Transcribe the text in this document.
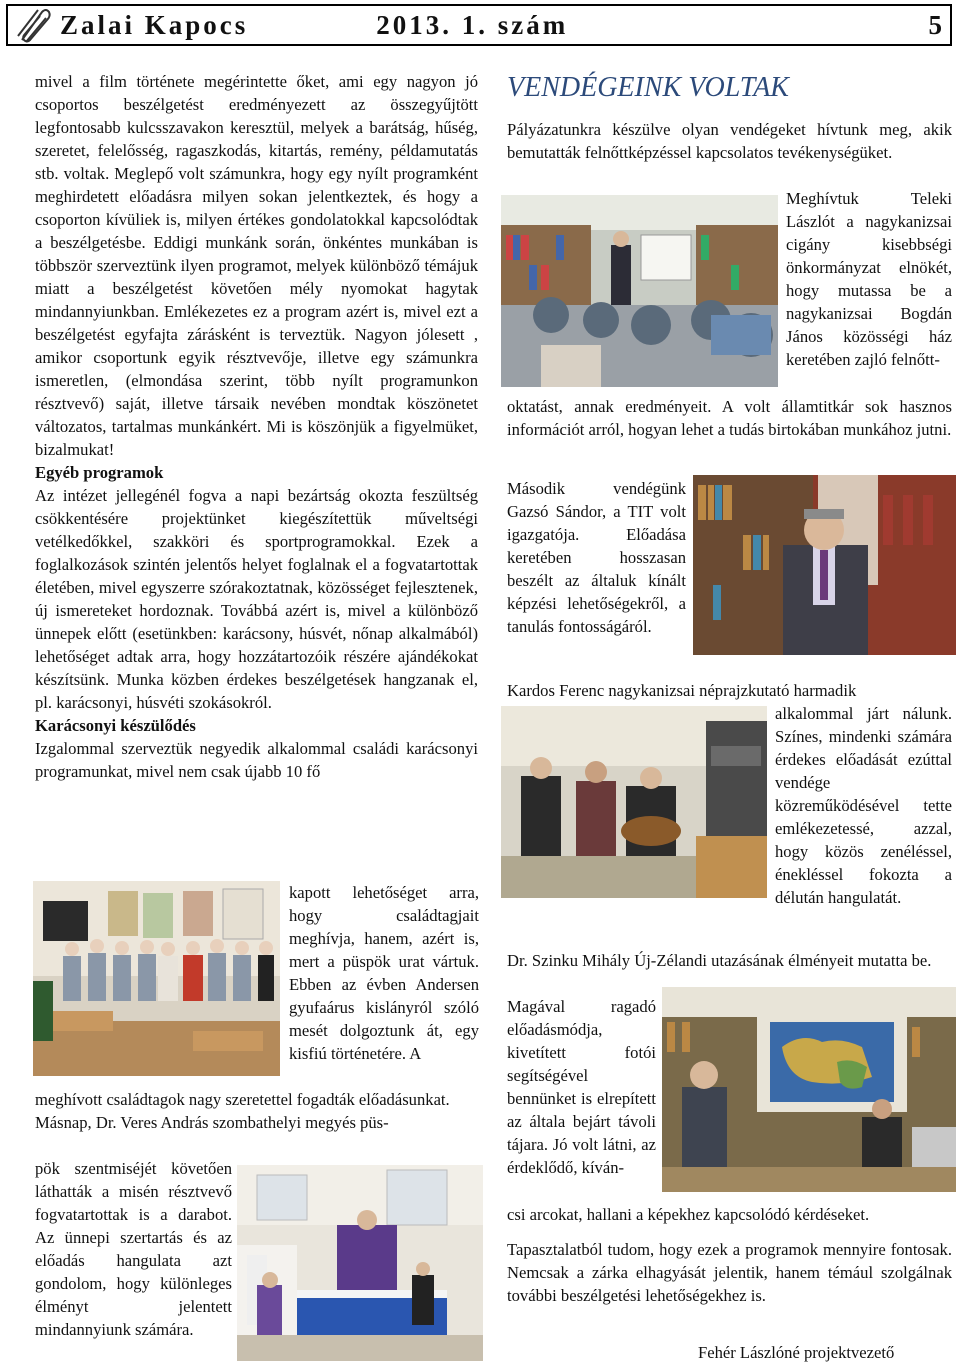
Zalai Kapocs	2013. 1. szám	5

mivel a film története megérintette őket, ami egy nagyon jó csoportos beszélgetést eredményezett az összegyűjtött legfontosabb kulcsszavakon keresztül, melyek a barátság, hűség, szeretet, felelősség, ragaszkodás, kitartás, remény, példamutatás stb. voltak. Meglepő volt számunkra, hogy egy nyílt programként meghirdetett előadásra milyen sokan jelentkeztek, és hogy a csoporton kívüliek is, milyen értékes gondolatokkal kapcsolódtak a beszélgetésbe. Eddigi munkánk során, önkéntes munkában is többször szerveztünk ilyen programot, melyek különböző témájuk miatt a beszélgetést követően mély nyomokat hagytak mindannyiunkban. Emlékezetes ez a program azért is, mivel ezt a beszélgetést egyfajta zárásként is terveztük. Nagyon jólesett , amikor csoportunk egyik résztvevője, illetve egy számunkra ismeretlen, (elmondása szerint, több nyílt programunkon résztvevő) saját, illetve társaik nevében mondtak köszönetet változatos, tartalmas munkánkért. Mi is köszönjük a figyelmüket, bizalmukat!

Egyéb programok

Az intézet jellegénél fogva a napi bezártság okozta feszültség csökkentésére projektünket kiegészítettük műveltségi vetélkedőkkel, szakköri és sportprogramokkal. Ezek a foglalkozások szintén jelentős helyet foglalnak el a fogvatartottak életében, mivel egyszerre szórakoztatnak, közösséget fejlesztenek, új ismereteket hordoznak. Továbbá azért is, mivel a különböző ünnepek előtt (esetünkben: karácsony, húsvét, nőnap alkalmából) lehetőséget adtak arra, hogy hozzátartozóik részére ajándékokat készítsünk. Munka közben érdekes beszélgetések hangzanak el, pl. karácsonyi, húsvéti szokásokról.

Karácsonyi készülődés

Izgalommal szerveztük negyedik alkalommal családi karácsonyi programunkat, mivel nem csak újabb 10 fő

kapott lehetőséget arra, hogy családtagjait meghívja, hanem, azért is, mert a püspök urat vártuk. Ebben az évben Andersen gyufaárus kislányról szóló mesét dolgoztunk át, egy kisfiú történetére. A

meghívott családtagok nagy szeretettel fogadták előadásunkat.

Másnap, Dr. Veres András szombathelyi megyés püs-

pök szentmiséjét követően láthatták a misén résztvevő fogvatartottak is a darabot. Az ünnepi szertartás és az előadás hangulata azt gondolom, hogy különleges élményt jelentett mindannyiunk számára.

VENDÉGEINK VOLTAK

Pályázatunkra készülve olyan vendégeket hívtunk meg, akik bemutatták felnőttképzéssel kapcsolatos tevékenységüket.

Meghívtuk Teleki Lászlót a nagykanizsai cigány kisebbségi önkormányzat elnökét, hogy mutassa be a nagykanizsai Bogdán János közösségi ház keretében zajló felnőtt-

oktatást, annak eredményeit. A volt államtitkár sok hasznos információt arról, hogyan lehet a tudás birtokában munkához jutni.

Második vendégünk Gazsó Sándor, a TIT volt igazgatója. Előadása keretében hosszasan beszélt az általuk kínált képzési lehetőségekről, a tanulás fontosságáról.

Kardos Ferenc nagykanizsai néprajzkutató harmadik

alkalommal járt nálunk. Színes, mindenki számára érdekes előadását ezúttal vendége közreműködésével tette emlékezetessé, azzal, hogy közös zenéléssel, énekléssel fokozta a délután hangulatát.

Dr. Szinku Mihály Új-Zélandi utazásának élményeit mutatta be.

Magával ragadó előadásmódja, kivetített fotói segítségével bennünket is elrepített az általa bejárt távoli tájara. Jó volt látni, az érdeklődő, kíván-

csi arcokat, hallani a képekhez kapcsolódó kérdéseket.

Tapasztalatból tudom, hogy ezek a programok mennyire fontosak. Nemcsak a zárka elhagyását jelentik, hanem témául szolgálnak további beszélgetési lehetőségekhez is.

Fehér Lászlóné projektvezető
